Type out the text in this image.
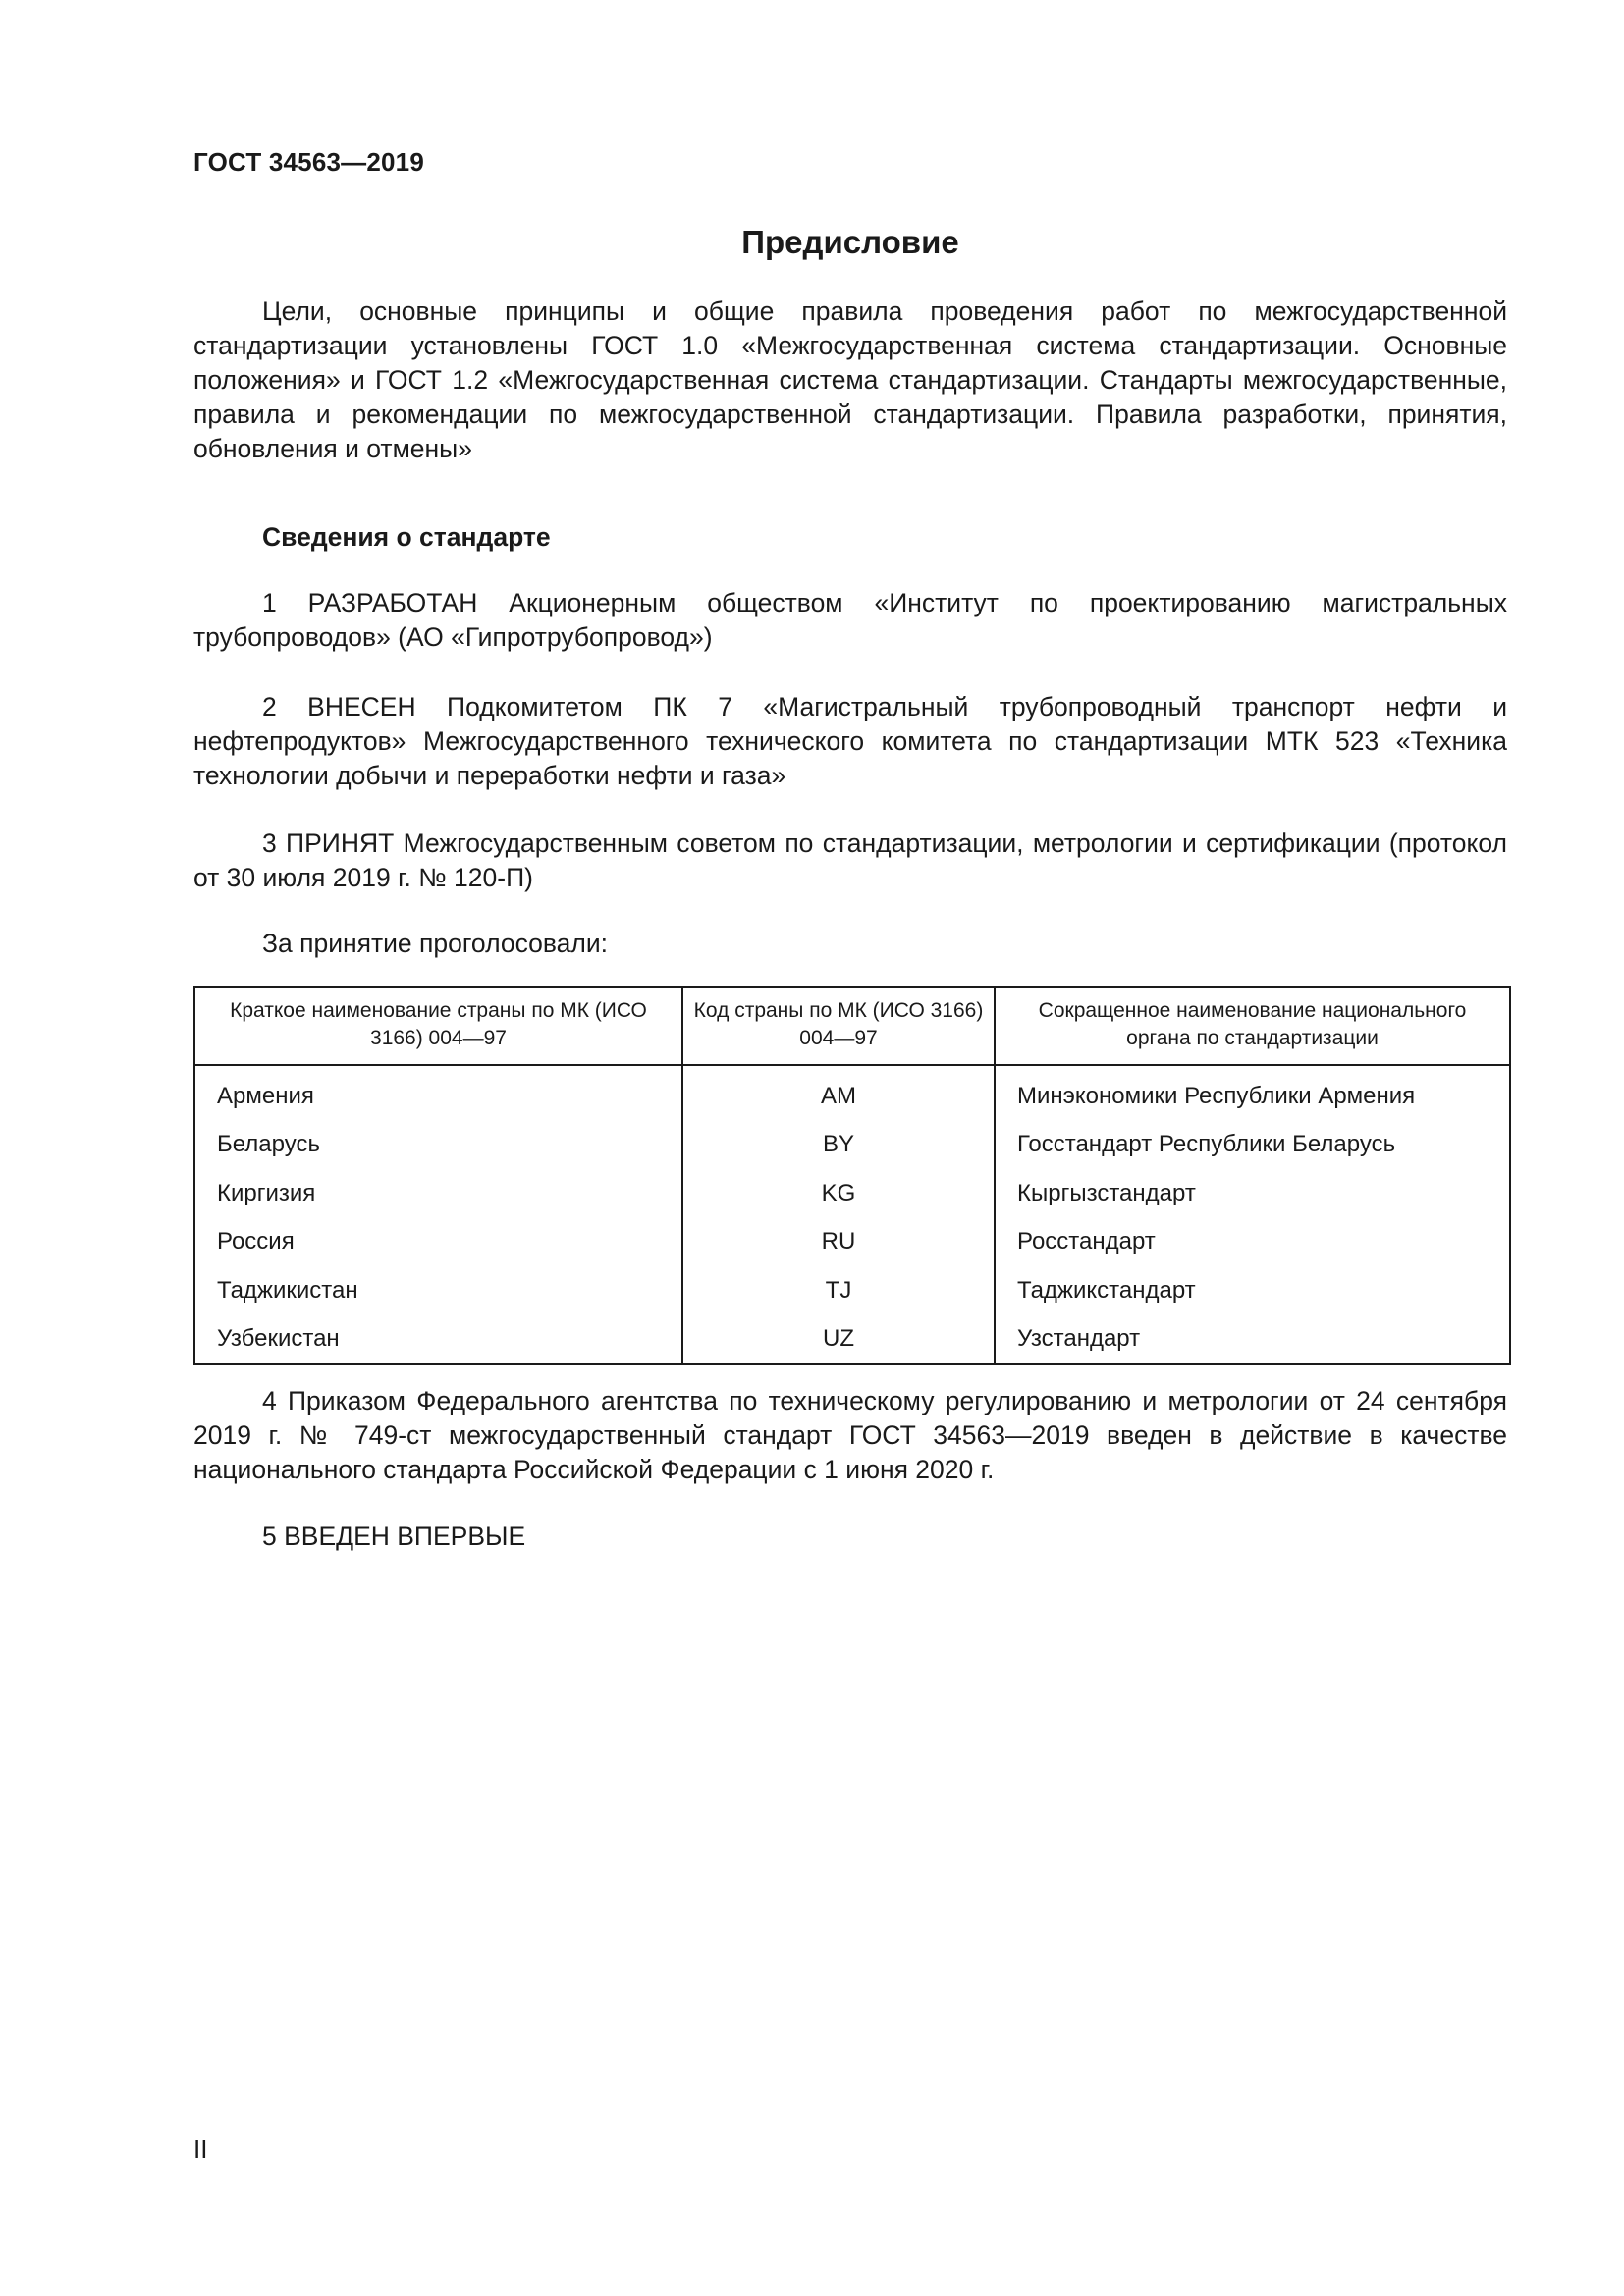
ГОСТ 34563—2019
Предисловие

Цели, основные принципы и общие правила проведения работ по межгосударственной стандартизации установлены ГОСТ 1.0 «Межгосударственная система стандартизации. Основные положения» и ГОСТ 1.2 «Межгосударственная система стандартизации. Стандарты межгосударственные, правила и рекомендации по межгосударственной стандартизации. Правила разработки, принятия, обновления и отмены»

Сведения о стандарте

1 РАЗРАБОТАН Акционерным обществом «Институт по проектированию магистральных трубопроводов» (АО «Гипротрубопровод»)

2 ВНЕСЕН Подкомитетом ПК 7 «Магистральный трубопроводный транспорт нефти и нефтепродуктов» Межгосударственного технического комитета по стандартизации МТК 523 «Техника технологии добычи и переработки нефти и газа»

3 ПРИНЯТ Межгосударственным советом по стандартизации, метрологии и сертификации (протокол от 30 июля 2019 г. № 120-П)

За принятие проголосовали:

Краткое наименование страны по МК (ИСО 3166) 004—97	Код страны по МК (ИСО 3166) 004—97	Сокращенное наименование национального органа по стандартизации
Армения	AM	Минэкономики Республики Армения
Беларусь	BY	Госстандарт Республики Беларусь
Киргизия	KG	Кыргызстандарт
Россия	RU	Росстандарт
Таджикистан	TJ	Таджикстандарт
Узбекистан	UZ	Узстандарт

4 Приказом Федерального агентства по техническому регулированию и метрологии от 24 сентября 2019 г. № 749-ст межгосударственный стандарт ГОСТ 34563—2019 введен в действие в качестве национального стандарта Российской Федерации с 1 июня 2020 г.

5 ВВЕДЕН ВПЕРВЫЕ

II
